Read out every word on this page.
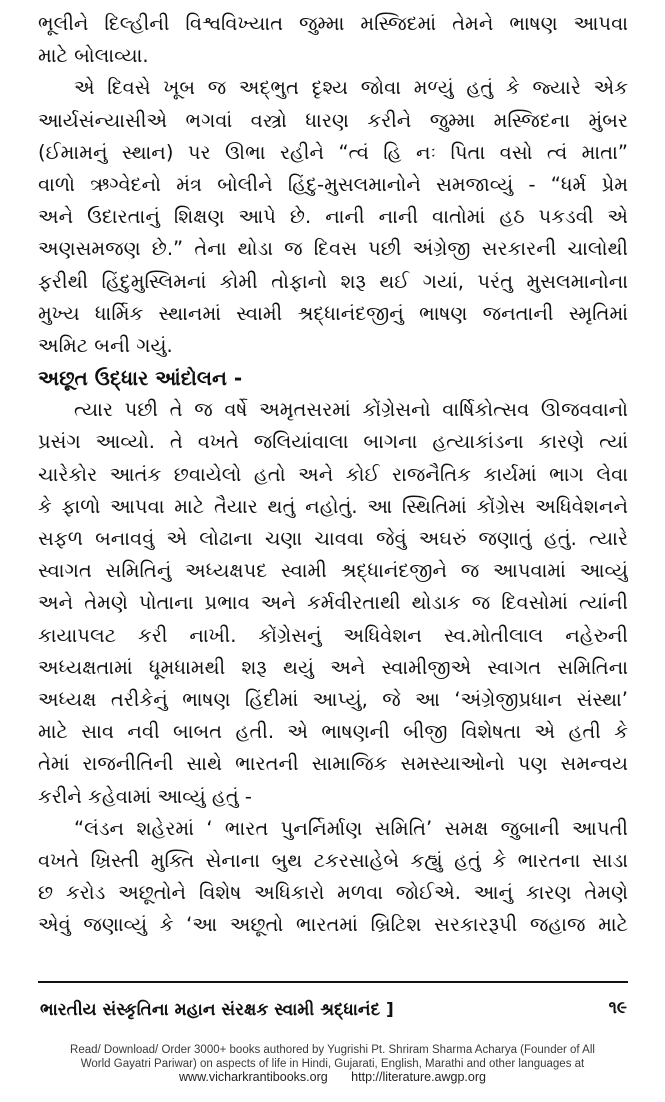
ભૂલીને દિલ્હીની વિશ્વવિખ્યાત જુમ્મા મસ્જિદમાં તેમને ભાષણ આપવા
માટે બોલાવ્યા.
એ દિવસે ખૂબ જ અદ્‌ભુત દૃશ્ય જોવા મળ્યું હતું કે જ્યારે એક
આર્યસંન્યાસીએ ભગવાં વસ્ત્રો ધારણ કરીને જુમ્મા મસ્જિદના મુંબર
(ઈમામનું સ્થાન) પર ઊભા રહીને “ત્વં હિ નઃ પિતા વસો ત્વં માતા”
વાળો ઋગ્વેદનો મંત્ર બોલીને હિંદુ-મુસલમાનોને સમજાવ્યું - “ધર્મ પ્રેમ
અને ઉદારતાનું શિક્ષણ આપે છે. નાની નાની વાતોમાં હઠ પકડવી એ
અણસમજણ છે.” તેના થોડા જ દિવસ પછી અંગ્રેજી સરકારની ચાલોથી
ફરીથી હિંદુમુસ્લિમનાં કોમી તોફાનો શરૂ થઈ ગયાં, પરંતુ મુસલમાનોના
મુખ્ય ધાર્મિક સ્થાનમાં સ્વામી શ્રદ્ધાનંદજીનું ભાષણ જનતાની સ્મૃતિમાં
અમિટ બની ગયું.
અછૂત ઉદ્ધાર આંદોલન -
ત્યાર પછી તે જ વર્ષે અમૃતસરમાં કોંગ્રેસનો વાર્ષિકોત્સવ ઊજવવાનો
પ્રસંગ આવ્યો. તે વખતે જલિયાંવાલા બાગના હત્યાકાંડના કારણે ત્યાં
ચારેકોર આતંક છવાયેલો હતો અને કોઈ રાજનૈતિક કાર્યમાં ભાગ લેવા
કે ફાળો આપવા માટે તૈયાર થતું નહોતું. આ સ્થિતિમાં કોંગ્રેસ અધિવેશનને
સફળ બનાવવું એ લોઢાના ચણા ચાવવા જેવું અઘરું જણાતું હતું. ત્યારે
સ્વાગત સમિતિનું અધ્યક્ષપદ સ્વામી શ્રદ્ધાનંદજીને જ આપવામાં આવ્યું
અને તેમણે પોતાના પ્રભાવ અને કર્મવીરતાથી થોડાક જ દિવસોમાં ત્યાંની
કાયાપલટ કરી નાખી. કોંગ્રેસનું અધિવેશન સ્વ.મોતીલાલ નહેરુની
અધ્યક્ષતામાં ધૂમધામથી શરૂ થયું અને સ્વામીજીએ સ્વાગત સમિતિના
અધ્યક્ષ તરીકેનું ભાષણ હિંદીમાં આપ્યું, જે આ ‘અંગ્રેજીપ્રધાન સંસ્થા’
માટે સાવ નવી બાબત હતી. એ ભાષણની બીજી વિશેષતા એ હતી કે
તેમાં રાજનીતિની સાથે ભારતની સામાજિક સમસ્યાઓનો પણ સમન્વય
કરીને કહેવામાં આવ્યું હતું -
“લંડન શહેરમાં ‘ ભારત પુનર્નિર્માણ સમિતિ’ સમક્ષ જુબાની આપતી
વખતે ખ્રિસ્તી મુક્તિ સેનાના બુથ ટકરસાહેબે કહ્યું હતું કે ભારતના સાડા
છ કરોડ અછૂતોને વિશેષ અધિકારો મળવા જોઈએ. આનું કારણ તેમણે
એવું જણાવ્યું કે ‘આ અછૂતો ભારતમાં બ્રિટિશ સરકારરૂપી જહાજ માટે
ભારતીય સંસ્કૃતિના મહાન સંરક્ષક સ્વામી શ્રદ્ધાનંદ ]	૧૯
Read/ Download/ Order 3000+ books authored by Yugrishi Pt. Shriram Sharma Acharya (Founder of All
World Gayatri Pariwar) on aspects of life in Hindi, Gujarati, English, Marathi and other languages at
www.vicharkrantibooks.org http://literature.awgp.org
